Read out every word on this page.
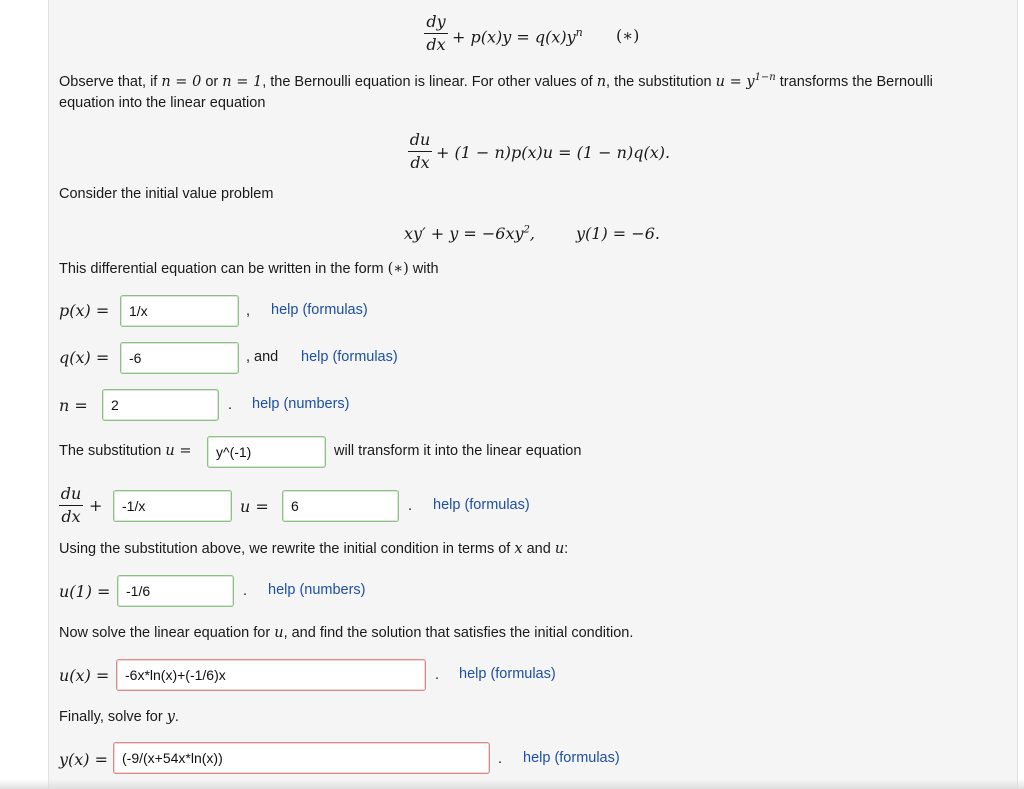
dy
dx + $p(x)y = q(x)y^n$ (∗)
Observe that, if n = 0 or n = 1, the Bernoulli equation is linear. For other values of n, the substitution $u = y^{1-n}$ transforms the Bernoulli
equation into the linear equation
du
dx
+ (1 − n)p(x)u = (1 − n)q(x).
Consider the initial value problem
$xy' + y = -6xy^2$,	y(1) = −6.
This differential equation can be written in the form (∗) with
p(x) =	1/x	, help (formulas)
q(x) =	-6	, and help (formulas)
n =	2	. help (numbers)
The substitution u =	y^(-1)	will transform it into the linear equation
du
dx
+	-1/x	u =	6	. help (formulas)
Using the substitution above, we rewrite the initial condition in terms of x and u:
u(1) =	-1/6	. help (numbers)
Now solve the linear equation for u, and find the solution that satisfies the initial condition.
u(x) =	-6x*ln(x)+(-1/6)x	. help (formulas)
Finally, solve for y.
y(x) = (-9/(x+54x*ln(x))	. help (formulas)
